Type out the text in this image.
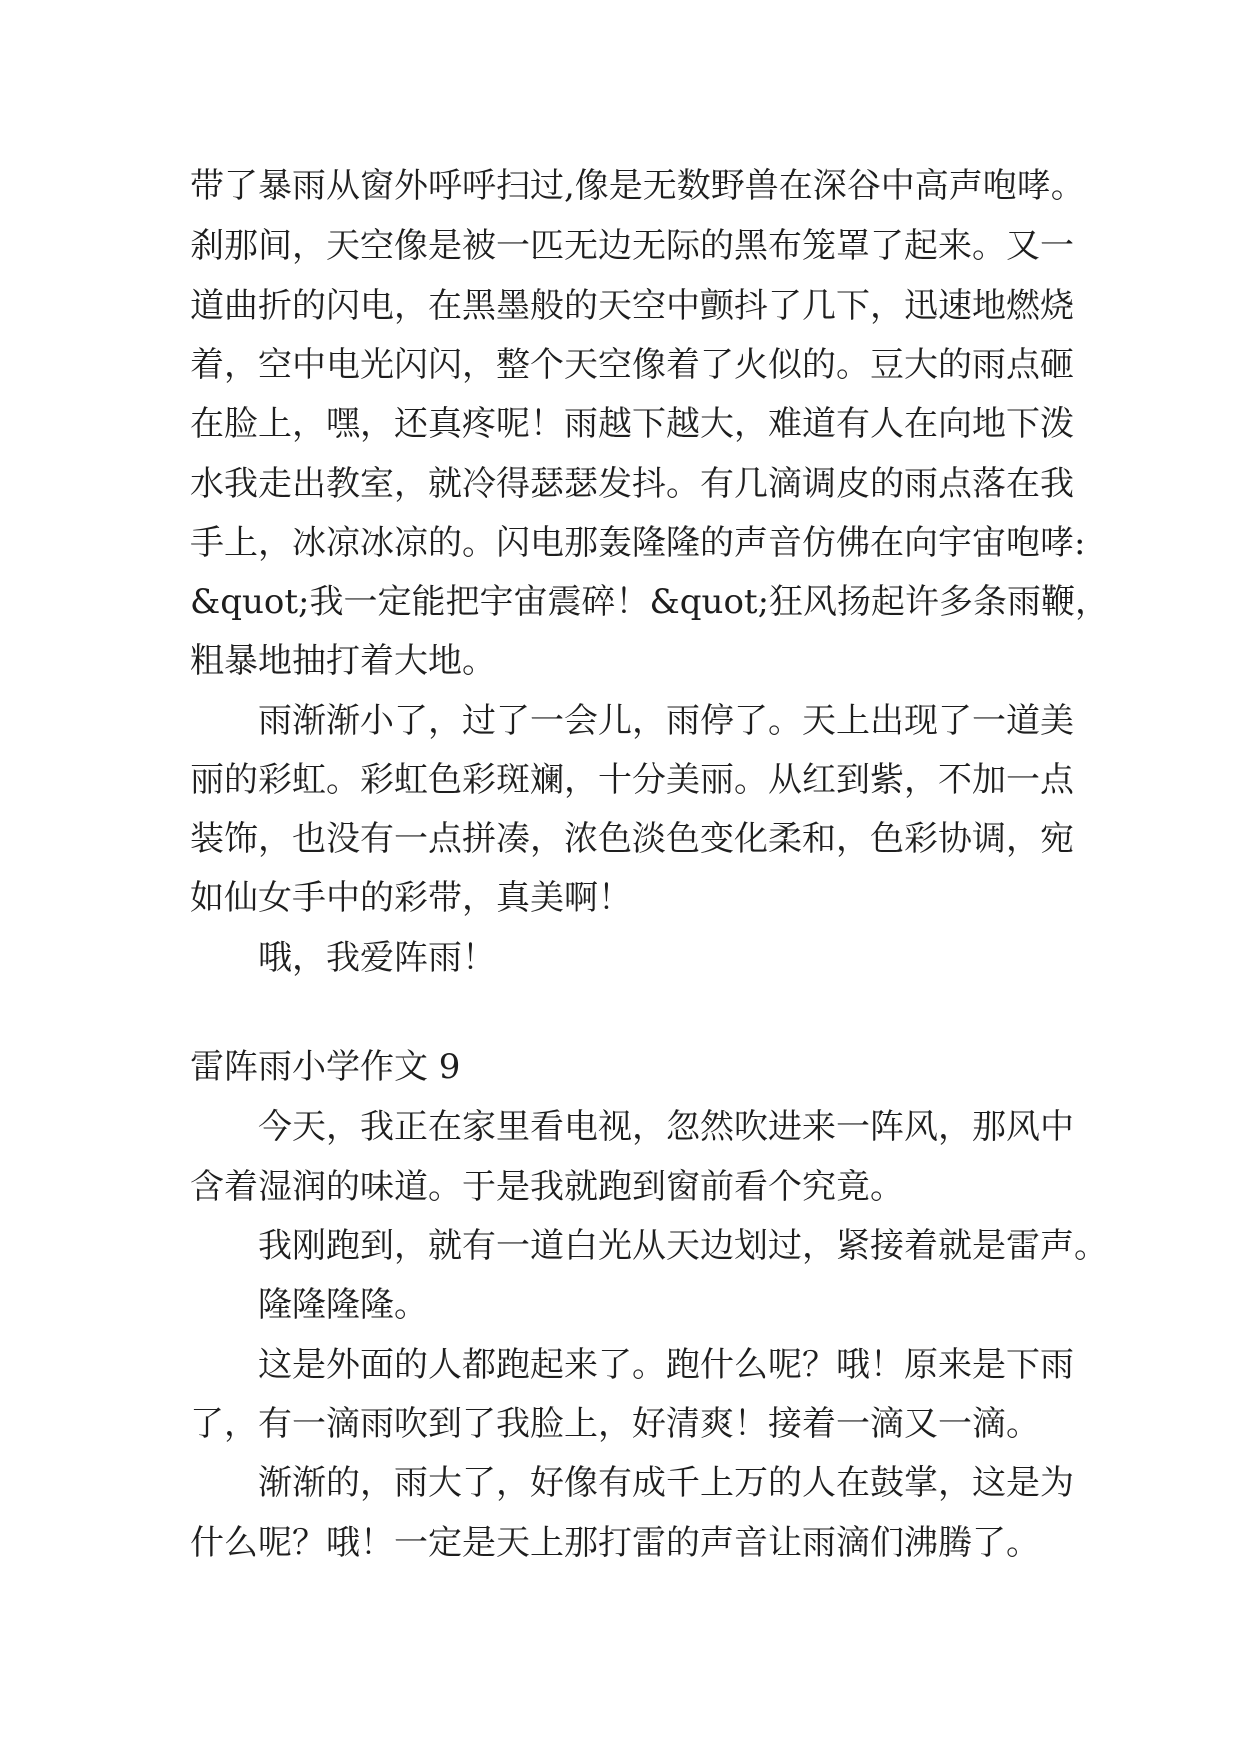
带了暴雨从窗外呼呼扫过,像是无数野兽在深谷中高声咆哮。

刹那间，天空像是被一匹无边无际的黑布笼罩了起来。又一

道曲折的闪电，在黑墨般的天空中颤抖了几下，迅速地燃烧

着，空中电光闪闪，整个天空像着了火似的。豆大的雨点砸

在脸上，嘿，还真疼呢！雨越下越大，难道有人在向地下泼

水我走出教室，就冷得瑟瑟发抖。有几滴调皮的雨点落在我

手上，冰凉冰凉的。闪电那轰隆隆的声音仿佛在向宇宙咆哮:

&quot;我一定能把宇宙震碎！&quot;狂风扬起许多条雨鞭，

粗暴地抽打着大地。

雨渐渐小了，过了一会儿，雨停了。天上出现了一道美

丽的彩虹。彩虹色彩斑斓，十分美丽。从红到紫，不加一点

装饰，也没有一点拼凑，浓色淡色变化柔和，色彩协调，宛

如仙女手中的彩带，真美啊！

哦，我爱阵雨！

雷阵雨小学作文 9

今天，我正在家里看电视，忽然吹进来一阵风，那风中

含着湿润的味道。于是我就跑到窗前看个究竟。

我刚跑到，就有一道白光从天边划过，紧接着就是雷声。

隆隆隆隆。

这是外面的人都跑起来了。跑什么呢？哦！原来是下雨

了，有一滴雨吹到了我脸上，好清爽！接着一滴又一滴。

渐渐的，雨大了，好像有成千上万的人在鼓掌，这是为

什么呢？哦！一定是天上那打雷的声音让雨滴们沸腾了。
